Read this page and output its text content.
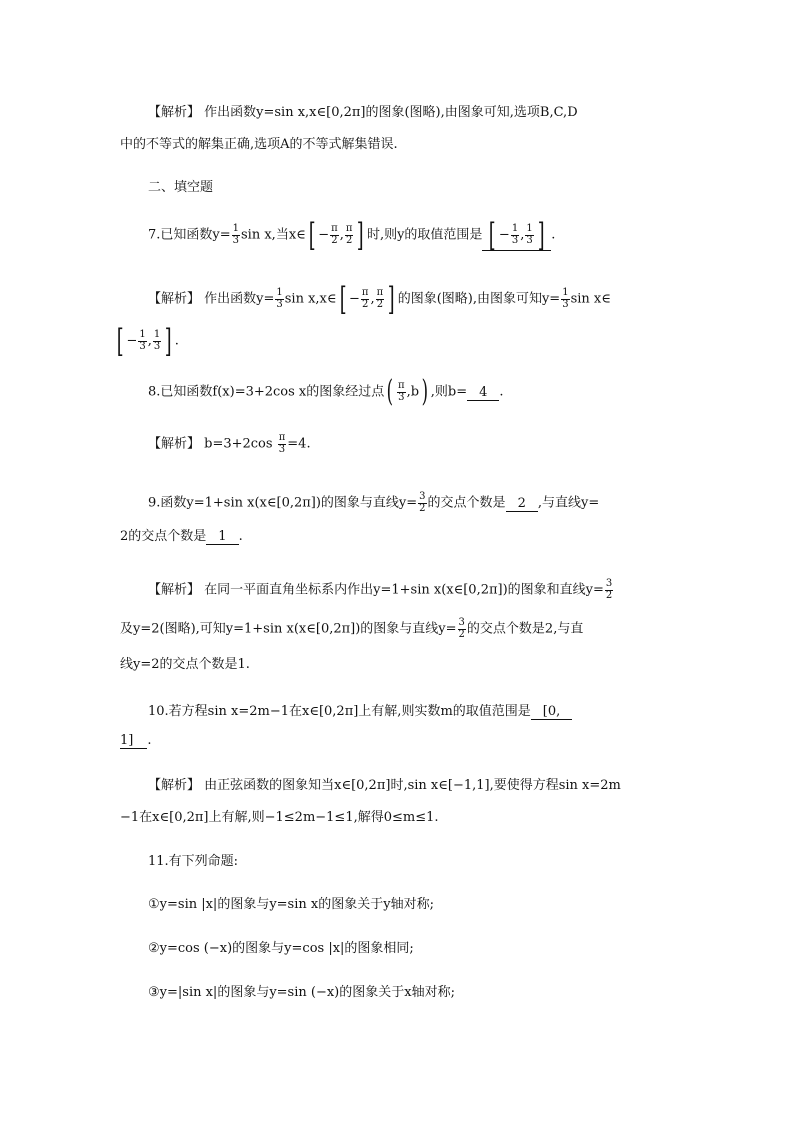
【解析】 作出函数y=sin x,x∈[0,2π]的图象(图略),由图象可知,选项B,C,D
中的不等式的解集正确,选项A的不等式解集错误.
二、填空题
7.已知函数$y= \frac{1}{3}$ sin x,当x∈[ − $\frac{\pi}{2}$ , $\frac{\pi}{2}$ ] 时,则y的取值范围是 [ − $\frac{1}{3}$ , $\frac{1}{3}$ ] .
【解析】 作出函数$y= \frac{1}{3}$ sin x,x∈[ − $\frac{\pi}{2}$ , $\frac{\pi}{2}$ ] 的图象(图略),由图象可知$y= \frac{1}{3}$ sin x∈
[ − $\frac{1}{3}$ , $\frac{1}{3}$ ] .
8.已知函数f(x)=3+2cos x的图象经过点( $\frac{\pi}{3} ,b$) ,则b= 4 .
【解析】 $b=3+2\cos \frac{\pi}{3} =4$.
9.函数y=1+sin x(x∈[0,2π])的图象与直线$y= \frac{3}{2}$ 的交点个数是 2 ,与直线y=
2的交点个数是 1 .
【解析】 在同一平面直角坐标系内作出y=1+sin x(x∈[0,2π])的图象和直线$y= \frac{3}{2}$
及y=2(图略),可知y=1+sin x(x∈[0,2π])的图象与直线$y= \frac{3}{2}$ 的交点个数是2,与直
线y=2的交点个数是1.
10.若方程sin x=2m−1在x∈[0,2π]上有解,则实数m的取值范围是 [0,
1] .
【解析】 由正弦函数的图象知当x∈[0,2π]时,sin x∈[−1,1],要使得方程sin x=2m
−1在x∈[0,2π]上有解,则−1≤2m−1≤1,解得0≤m≤1.
11.有下列命题:
①y=sin |x|的图象与y=sin x的图象关于y轴对称;
②y=cos (−x)的图象与y=cos |x|的图象相同;
③y=|sin x|的图象与y=sin (−x)的图象关于x轴对称;
